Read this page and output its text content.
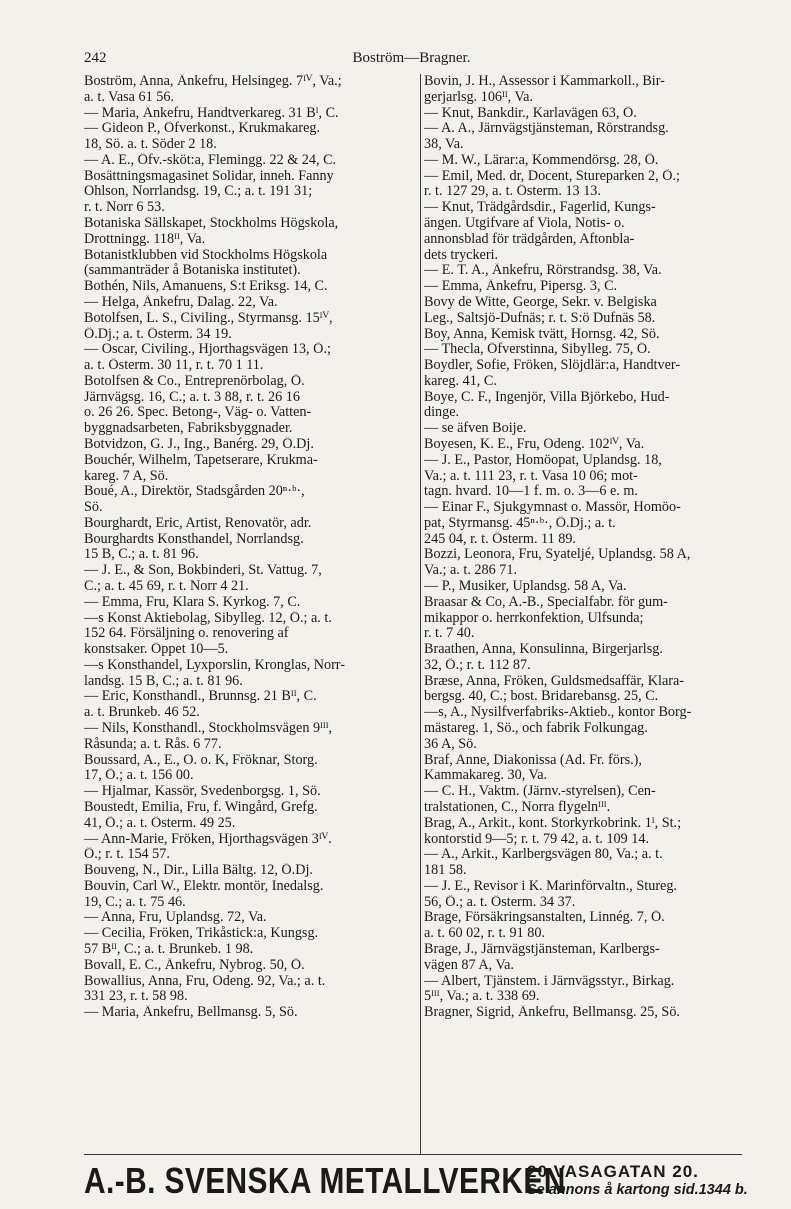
242	Boström—Bragner.
Boström, Anna, Änkefru, Helsingeg. 7ᴵⱽ, Va.;
a. t. Vasa 61 56.
— Maria, Änkefru, Handtverkareg. 31 Bᴵ, C.
— Gideon P., Öfverkonst., Krukmakareg.
18, Sö. a. t. Söder 2 18.
— A. E., Öfv.-sköt:a, Flemingg. 22 & 24, C.
Bosättningsmagasinet Solidar, inneh. Fanny
Ohlson, Norrlandsg. 19, C.; a. t. 191 31;
r. t. Norr 6 53.
Botaniska Sällskapet, Stockholms Högskola,
Drottningg. 118ᴵᴵ, Va.
Botanistklubben vid Stockholms Högskola
(sammanträder å Botaniska institutet).
Bothén, Nils, Amanuens, S:t Eriksg. 14, C.
— Helga, Änkefru, Dalag. 22, Va.
Botolfsen, L. S., Civiling., Styrmansg. 15ᴵⱽ,
Ö.Dj.; a. t. Österm. 34 19.
— Oscar, Civiling., Hjorthagsvägen 13, Ö.;
a. t. Österm. 30 11, r. t. 70 1 11.
Botolfsen & Co., Entreprenörbolag, Ö.
Järnvägsg. 16, C.; a. t. 3 88, r. t. 26 16
o. 26 26. Spec. Betong-, Väg- o. Vatten-
byggnadsarbeten, Fabriksbyggnader.
Botvidzon, G. J., Ing., Banérg. 29, Ö.Dj.
Bouchér, Wilhelm, Tapetserare, Krukma-
kareg. 7 A, Sö.
Boué, A., Direktör, Stadsgården 20ⁿ·ᵇ·,
Sö.
Bourghardt, Eric, Artist, Renovatör, adr.
Bourghardts Konsthandel, Norrlandsg.
15 B, C.; a. t. 81 96.
— J. E., & Son, Bokbinderi, St. Vattug. 7,
C.; a. t. 45 69, r. t. Norr 4 21.
— Emma, Fru, Klara S. Kyrkog. 7, C.
—s Konst Aktiebolag, Sibylleg. 12, Ö.; a. t.
152 64. Försäljning o. renovering af
konstsaker. Öppet 10—5.
—s Konsthandel, Lyxporslin, Kronglas, Norr-
landsg. 15 B, C.; a. t. 81 96.
— Eric, Konsthandl., Brunnsg. 21 Bᴵᴵ, C.
a. t. Brunkeb. 46 52.
— Nils, Konsthandl., Stockholmsvägen 9ᴵᴵᴵ,
Råsunda; a. t. Rås. 6 77.
Boussard, A., E., O. o. K, Fröknar, Storg.
17, Ö.; a. t. 156 00.
— Hjalmar, Kassör, Svedenborgsg. 1, Sö.
Boustedt, Emilia, Fru, f. Wingård, Grefg.
41, Ö.; a. t. Österm. 49 25.
— Ann-Marie, Fröken, Hjorthagsvägen 3ᴵⱽ.
Ö.; r. t. 154 57.
Bouveng, N., Dir., Lilla Bältg. 12, Ö.Dj.
Bouvin, Carl W., Elektr. montör, Inedalsg.
19, C.; a. t. 75 46.
— Anna, Fru, Uplandsg. 72, Va.
— Cecilia, Fröken, Trikåstick:a, Kungsg.
57 Bᴵᴵ, C.; a. t. Brunkeb. 1 98.
Bovall, E. C., Änkefru, Nybrog. 50, Ö.
Bowallius, Anna, Fru, Odeng. 92, Va.; a. t.
331 23, r. t. 58 98.
— Maria, Änkefru, Bellmansg. 5, Sö.
Bovin, J. H., Assessor i Kammarkoll., Bir-
gerjarlsg. 106ᴵᴵ, Va.
— Knut, Bankdir., Karlavägen 63, Ö.
— A. A., Järnvägstjänsteman, Rörstrandsg.
38, Va.
— M. W., Lärar:a, Kommendörsg. 28, Ö.
— Emil, Med. dr, Docent, Stureparken 2, Ö.;
r. t. 127 29, a. t. Österm. 13 13.
— Knut, Trädgårdsdir., Fagerlid, Kungs-
ängen. Utgifvare af Viola, Notis- o.
annonsblad för trädgården, Aftonbla-
dets tryckeri.
— E. T. A., Änkefru, Rörstrandsg. 38, Va.
— Emma, Änkefru, Pipersg. 3, C.
Bovy de Witte, George, Sekr. v. Belgiska
Leg., Saltsjö-Dufnäs; r. t. S:ö Dufnäs 58.
Boy, Anna, Kemisk tvätt, Hornsg. 42, Sö.
— Thecla, Öfverstinna, Sibylleg. 75, Ö.
Boydler, Sofie, Fröken, Slöjdlär:a, Handtver-
kareg. 41, C.
Boye, C. F., Ingenjör, Villa Björkebo, Hud-
dinge.
— se äfven Boije.
Boyesen, K. E., Fru, Odeng. 102ᴵⱽ, Va.
— J. E., Pastor, Homöopat, Uplandsg. 18,
Va.; a. t. 111 23, r. t. Vasa 10 06; mot-
tagn. hvard. 10—1 f. m. o. 3—6 e. m.
— Einar F., Sjukgymnast o. Massör, Homöo-
pat, Styrmansg. 45ⁿ·ᵇ·, Ö.Dj.; a. t.
245 04, r. t. Österm. 11 89.
Bozzi, Leonora, Fru, Syateljé, Uplandsg. 58 A,
Va.; a. t. 286 71.
— P., Musiker, Uplandsg. 58 A, Va.
Braasar & Co, A.-B., Specialfabr. för gum-
mikappor o. herrkonfektion, Ulfsunda;
r. t. 7 40.
Braathen, Anna, Konsulinna, Birgerjarlsg.
32, Ö.; r. t. 112 87.
Bræse, Anna, Fröken, Guldsmedsaffär, Klara-
bergsg. 40, C.; bost. Bridarebansg. 25, C.
—s, A., Nysilfverfabriks-Aktieb., kontor Borg-
mästareg. 1, Sö., och fabrik Folkungag.
36 A, Sö.
Braf, Anne, Diakonissa (Ad. Fr. förs.),
Kammakareg. 30, Va.
— C. H., Vaktm. (Järnv.-styrelsen), Cen-
tralstationen, C., Norra flygelnᴵᴵᴵ.
Brag, A., Arkit., kont. Storkyrkobrink. 1ᴵ, St.;
kontorstid 9—5; r. t. 79 42, a. t. 109 14.
— A., Arkit., Karlbergsvägen 80, Va.; a. t.
181 58.
— J. E., Revisor i K. Marinförvaltn., Stureg.
56, Ö.; a. t. Österm. 34 37.
Brage, Försäkringsanstalten, Linnég. 7, Ö.
a. t. 60 02, r. t. 91 80.
Brage, J., Järnvägstjänsteman, Karlbergs-
vägen 87 A, Va.
— Albert, Tjänstem. i Järnvägsstyr., Birkag.
5ᴵᴵᴵ, Va.; a. t. 338 69.
Bragner, Sigrid, Änkefru, Bellmansg. 25, Sö.
A.-B. SVENSKA METALLVERKEN
20 VASAGATAN 20.
Se annons å kartong sid.1344 b.
